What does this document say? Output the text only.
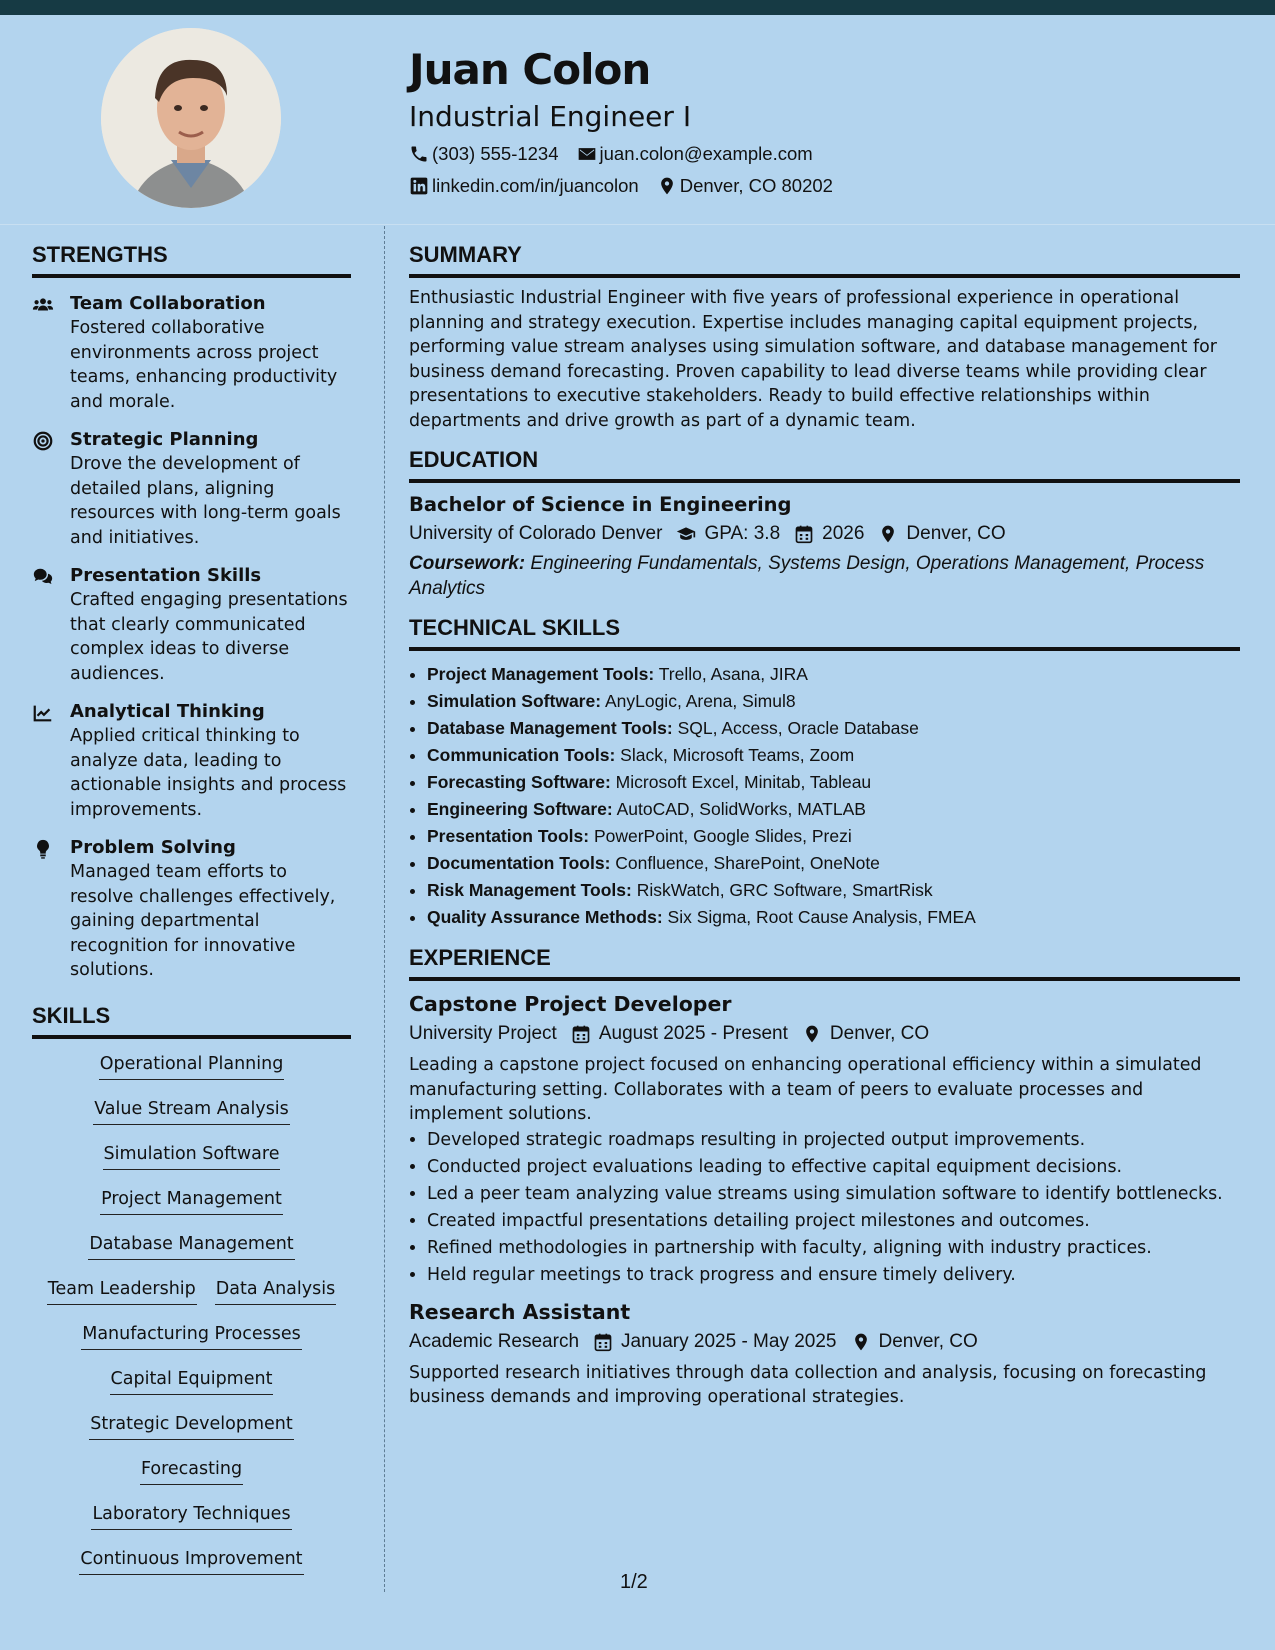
Juan Colon
Industrial Engineer I
(303) 555-1234 juan.colon@example.com
linkedin.com/in/juancolon Denver, CO 80202
STRENGTHS
Team Collaboration
Fostered collaborative environments across project teams, enhancing productivity and morale.
Strategic Planning
Drove the development of detailed plans, aligning resources with long-term goals and initiatives.
Presentation Skills
Crafted engaging presentations that clearly communicated complex ideas to diverse audiences.
Analytical Thinking
Applied critical thinking to analyze data, leading to actionable insights and process improvements.
Problem Solving
Managed team efforts to resolve challenges effectively, gaining departmental recognition for innovative solutions.
SKILLS
Operational Planning
Value Stream Analysis
Simulation Software
Project Management
Database Management
Team Leadership Data Analysis
Manufacturing Processes
Capital Equipment
Strategic Development
Forecasting
Laboratory Techniques
Continuous Improvement
SUMMARY
Enthusiastic Industrial Engineer with five years of professional experience in operational planning and strategy execution. Expertise includes managing capital equipment projects, performing value stream analyses using simulation software, and database management for business demand forecasting. Proven capability to lead diverse teams while providing clear presentations to executive stakeholders. Ready to build effective relationships within departments and drive growth as part of a dynamic team.
EDUCATION
Bachelor of Science in Engineering
University of Colorado Denver GPA: 3.8 2026 Denver, CO
Coursework: Engineering Fundamentals, Systems Design, Operations Management, Process Analytics
TECHNICAL SKILLS
• Project Management Tools: Trello, Asana, JIRA
• Simulation Software: AnyLogic, Arena, Simul8
• Database Management Tools: SQL, Access, Oracle Database
• Communication Tools: Slack, Microsoft Teams, Zoom
• Forecasting Software: Microsoft Excel, Minitab, Tableau
• Engineering Software: AutoCAD, SolidWorks, MATLAB
• Presentation Tools: PowerPoint, Google Slides, Prezi
• Documentation Tools: Confluence, SharePoint, OneNote
• Risk Management Tools: RiskWatch, GRC Software, SmartRisk
• Quality Assurance Methods: Six Sigma, Root Cause Analysis, FMEA
EXPERIENCE
Capstone Project Developer
University Project August 2025 - Present Denver, CO
Leading a capstone project focused on enhancing operational efficiency within a simulated manufacturing setting. Collaborates with a team of peers to evaluate processes and implement solutions.
• Developed strategic roadmaps resulting in projected output improvements.
• Conducted project evaluations leading to effective capital equipment decisions.
• Led a peer team analyzing value streams using simulation software to identify bottlenecks.
• Created impactful presentations detailing project milestones and outcomes.
• Refined methodologies in partnership with faculty, aligning with industry practices.
• Held regular meetings to track progress and ensure timely delivery.
Research Assistant
Academic Research January 2025 - May 2025 Denver, CO
Supported research initiatives through data collection and analysis, focusing on forecasting business demands and improving operational strategies.
1/2
